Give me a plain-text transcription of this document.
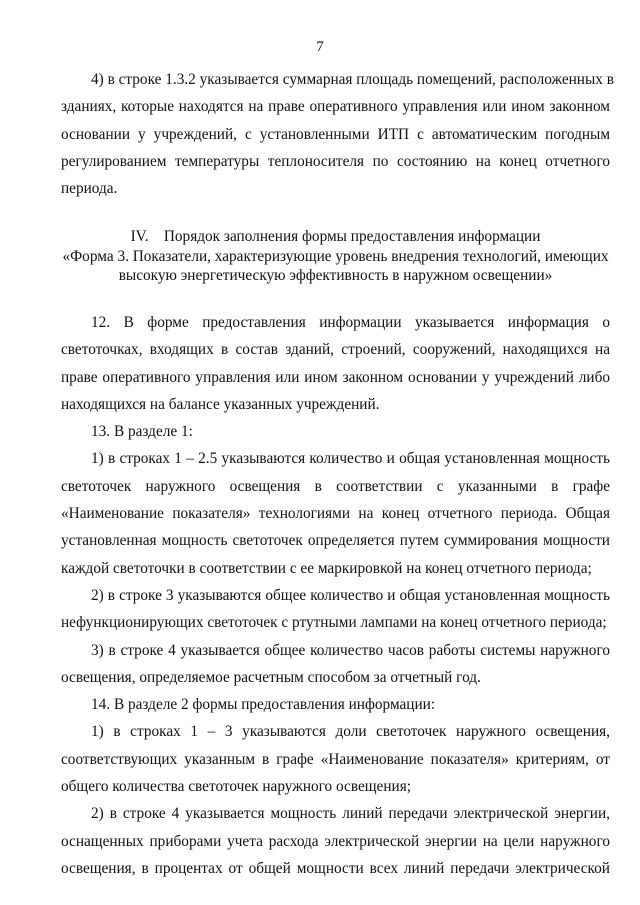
7
4) в строке 1.3.2 указывается суммарная площадь помещений, расположенных в
зданиях, которые находятся на праве оперативного управления или ином законном
основании у учреждений, с установленными ИТП с автоматическим погодным
регулированием температуры теплоносителя по состоянию на конец отчетного
периода.
IV.    Порядок заполнения формы предоставления информации
«Форма 3. Показатели, характеризующие уровень внедрения технологий, имеющих
высокую энергетическую эффективность в наружном освещении»
12. В форме предоставления информации указывается информация о
светоточках, входящих в состав зданий, строений, сооружений, находящихся на
праве оперативного управления или ином законном основании у учреждений либо
находящихся на балансе указанных учреждений.
13. В разделе 1:
1) в строках 1 – 2.5 указываются количество и общая установленная мощность
светоточек наружного освещения в соответствии с указанными в графе
«Наименование показателя» технологиями на конец отчетного периода. Общая
установленная мощность светоточек определяется путем суммирования мощности
каждой светоточки в соответствии с ее маркировкой на конец отчетного периода;
2) в строке 3 указываются общее количество и общая установленная мощность
нефункционирующих светоточек с ртутными лампами на конец отчетного периода;
3) в строке 4 указывается общее количество часов работы системы наружного
освещения, определяемое расчетным способом за отчетный год.
14. В разделе 2 формы предоставления информации:
1) в строках 1 – 3 указываются доли светоточек наружного освещения,
соответствующих указанным в графе «Наименование показателя» критериям, от
общего количества светоточек наружного освещения;
2) в строке 4 указывается мощность линий передачи электрической энергии,
оснащенных приборами учета расхода электрической энергии на цели наружного
освещения, в процентах от общей мощности всех линий передачи электрической
